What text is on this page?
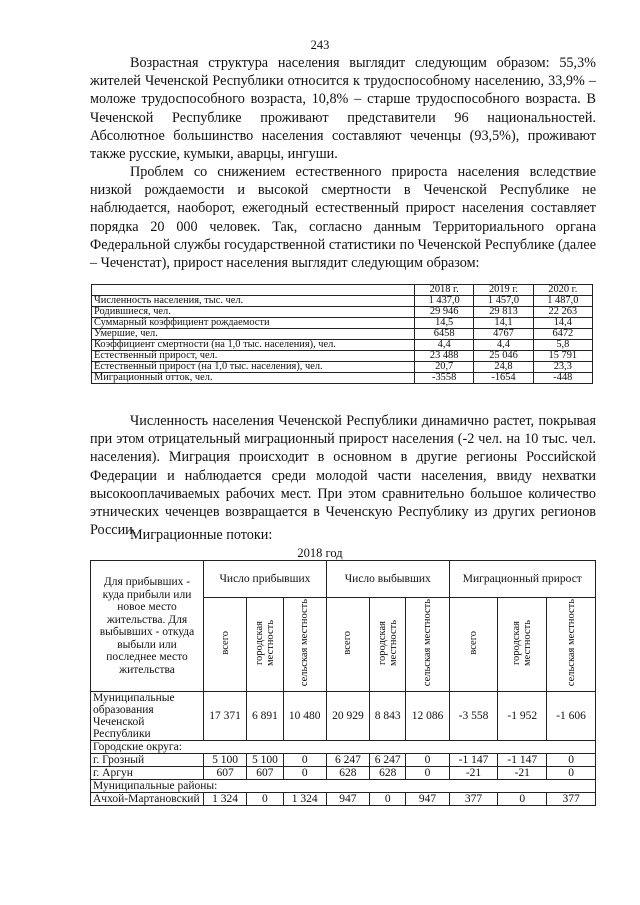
243

Возрастная структура населения выглядит следующим образом: 55,3% жителей Чеченской Республики относится к трудоспособному населению, 33,9% – моложе трудоспособного возраста, 10,8% – старше трудоспособного возраста. В Чеченской Республике проживают представители 96 национальностей. Абсолютное большинство населения составляют чеченцы (93,5%), проживают также русские, кумыки, аварцы, ингуши.

Проблем со снижением естественного прироста населения вследствие низкой рождаемости и высокой смертности в Чеченской Республике не наблюдается, наоборот, ежегодный естественный прирост населения составляет порядка 20 000 человек. Так, согласно данным Территориального органа Федеральной службы государственной статистики по Чеченской Республике (далее – Чеченстат), прирост населения выглядит следующим образом:

	2018 г.	2019 г.	2020 г.
Численность населения, тыс. чел.	1 437,0	1 457,0	1 487,0
Родившиеся, чел.	29 946	29 813	22 263
Суммарный коэффициент рождаемости	14,5	14,1	14,4
Умершие, чел.	6458	4767	6472
Коэффициент смертности (на 1,0 тыс. населения), чел.	4,4	4,4	5,8
Естественный прирост, чел.	23 488	25 046	15 791
Естественный прирост (на 1,0 тыс. населения), чел.	20,7	24,8	23,3
Миграционный отток, чел.	-3558	-1654	-448

Численность населения Чеченской Республики динамично растет, покрывая при этом отрицательный миграционный прирост населения (-2 чел. на 10 тыс. чел. населения). Миграция происходит в основном в другие регионы Российской Федерации и наблюдается среди молодой части населения, ввиду нехватки высокооплачиваемых рабочих мест. При этом сравнительно большое количество этнических чеченцев возвращается в Чеченскую Республику из других регионов России.

Миграционные потоки:

2018 год
Для прибывших - куда прибыли или новое место жительства. Для выбывших - откуда выбыли или последнее место жительства	Число прибывших			Число выбывших			Миграционный прирост		
	всего	городская местность	сельская местность	всего	городская местность	сельская местность	всего	городская местность	сельская местность
Муниципальные образования Чеченской Республики	17 371	6 891	10 480	20 929	8 843	12 086	-3 558	-1 952	-1 606
Городские округа:									
г. Грозный	5 100	5 100	0	6 247	6 247	0	-1 147	-1 147	0
г. Аргун	607	607	0	628	628	0	-21	-21	0
Муниципальные районы:									
Ачхой-Мартановский	1 324	0	1 324	947	0	947	377	0	377
